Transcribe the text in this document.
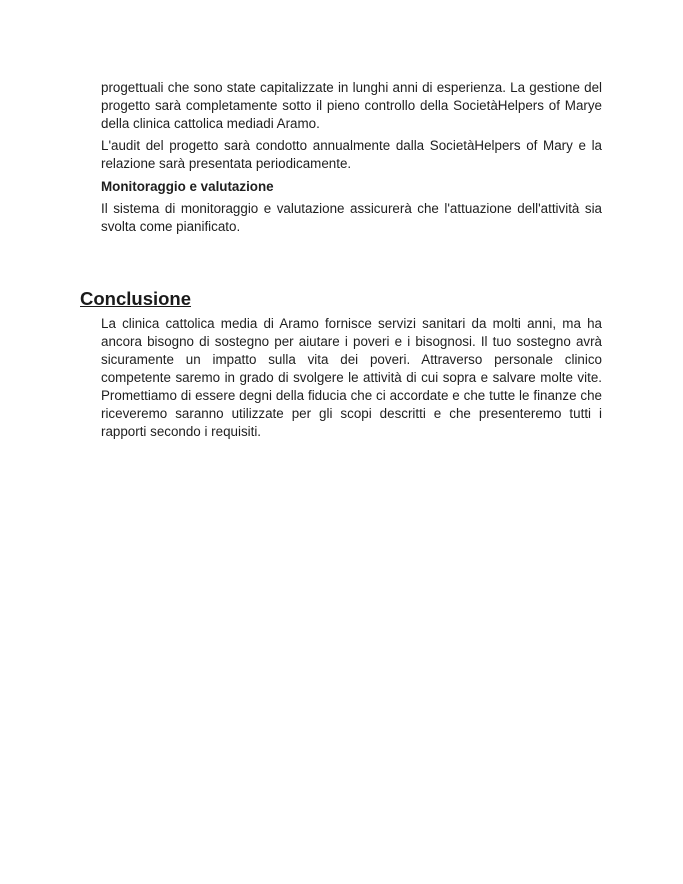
progettuali che sono state capitalizzate in lunghi anni di esperienza. La gestione del progetto sarà completamente sotto il pieno controllo della SocietàHelpers of Marye della clinica cattolica mediadi Aramo.

L'audit del progetto sarà condotto annualmente dalla SocietàHelpers of Mary e la relazione sarà presentata periodicamente.

Monitoraggio e valutazione

Il sistema di monitoraggio e valutazione assicurerà che l'attuazione dell'attività sia svolta come pianificato.

Conclusione

La clinica cattolica media di Aramo fornisce servizi sanitari da molti anni, ma ha ancora bisogno di sostegno per aiutare i poveri e i bisognosi. Il tuo sostegno avrà sicuramente un impatto sulla vita dei poveri. Attraverso personale clinico competente saremo in grado di svolgere le attività di cui sopra e salvare molte vite. Promettiamo di essere degni della fiducia che ci accordate e che tutte le finanze che riceveremo saranno utilizzate per gli scopi descritti e che presenteremo tutti i rapporti secondo i requisiti.
